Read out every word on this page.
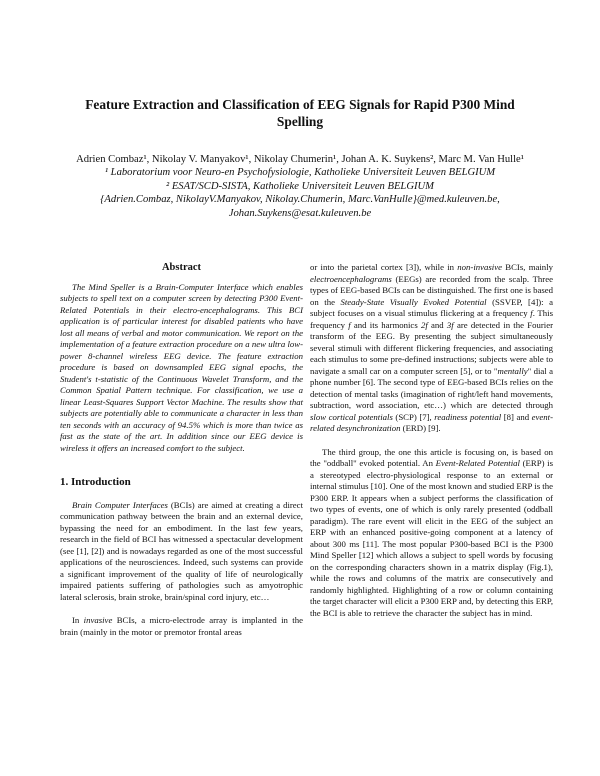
Feature Extraction and Classification of EEG Signals for Rapid P300 Mind Spelling
Adrien Combaz¹, Nikolay V. Manyakov¹, Nikolay Chumerin¹, Johan A. K. Suykens², Marc M. Van Hulle¹
¹ Laboratorium voor Neuro-en Psychofysiologie, Katholieke Universiteit Leuven BELGIUM
² ESAT/SCD-SISTA, Katholieke Universiteit Leuven BELGIUM
{Adrien.Combaz, NikolayV.Manyakov, Nikolay.Chumerin, Marc.VanHulle}@med.kuleuven.be,
Johan.Suykens@esat.kuleuven.be
Abstract

The Mind Speller is a Brain-Computer Interface which enables subjects to spell text on a computer screen by detecting P300 Event-Related Potentials in their electro-encephalograms. This BCI application is of particular interest for disabled patients who have lost all means of verbal and motor communication. We report on the implementation of a feature extraction procedure on a new ultra low-power 8-channel wireless EEG device. The feature extraction procedure is based on downsampled EEG signal epochs, the Student's t-statistic of the Continuous Wavelet Transform, and the Common Spatial Pattern technique. For classification, we use a linear Least-Squares Support Vector Machine. The results show that subjects are potentially able to communicate a character in less than ten seconds with an accuracy of 94.5% which is more than twice as fast as the state of the art. In addition since our EEG device is wireless it offers an increased comfort to the subject.

1. Introduction

Brain Computer Interfaces (BCIs) are aimed at creating a direct communication pathway between the brain and an external device, bypassing the need for an embodiment. In the last few years, research in the field of BCI has witnessed a spectacular development (see [1], [2]) and is nowadays regarded as one of the most successful applications of the neurosciences. Indeed, such systems can provide a significant improvement of the quality of life of neurologically impaired patients suffering of pathologies such as amyotrophic lateral sclerosis, brain stroke, brain/spinal cord injury, etc…

In invasive BCIs, a micro-electrode array is implanted in the brain (mainly in the motor or premotor frontal areas

or into the parietal cortex [3]), while in non-invasive BCIs, mainly electroencephalograms (EEGs) are recorded from the scalp. Three types of EEG-based BCIs can be distinguished. The first one is based on the Steady-State Visually Evoked Potential (SSVEP, [4]): a subject focuses on a visual stimulus flickering at a frequency f. This frequency f and its harmonics 2f and 3f are detected in the Fourier transform of the EEG. By presenting the subject simultaneously several stimuli with different flickering frequencies, and associating each stimulus to some pre-defined instructions; subjects were able to navigate a small car on a computer screen [5], or to "mentally" dial a phone number [6]. The second type of EEG-based BCIs relies on the detection of mental tasks (imagination of right/left hand movements, subtraction, word association, etc…) which are detected through slow cortical potentials (SCP) [7], readiness potential [8] and event-related desynchronization (ERD) [9].

The third group, the one this article is focusing on, is based on the "oddball" evoked potential. An Event-Related Potential (ERP) is a stereotyped electro-physiological response to an external or internal stimulus [10]. One of the most known and studied ERP is the P300 ERP. It appears when a subject performs the classification of two types of events, one of which is only rarely presented (oddball paradigm). The rare event will elicit in the EEG of the subject an ERP with an enhanced positive-going component at a latency of about 300 ms [11]. The most popular P300-based BCI is the P300 Mind Speller [12] which allows a subject to spell words by focusing on the corresponding characters shown in a matrix display (Fig.1), while the rows and columns of the matrix are consecutively and randomly highlighted. Highlighting of a row or column containing the target character will elicit a P300 ERP and, by detecting this ERP, the BCI is able to retrieve the character the subject has in mind.
